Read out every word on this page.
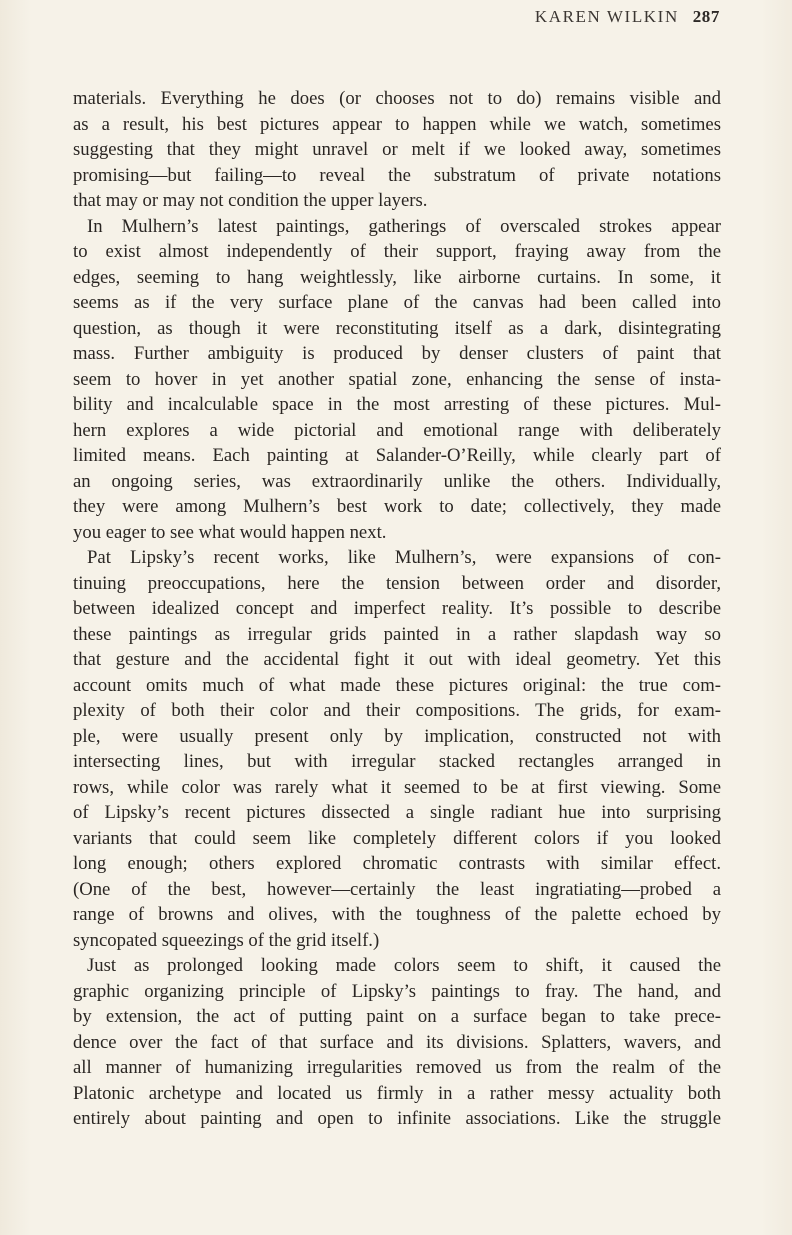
KAREN WILKIN 287
materials. Everything he does (or chooses not to do) remains visible and
as a result, his best pictures appear to happen while we watch, sometimes
suggesting that they might unravel or melt if we looked away, sometimes
promising—but failing—to reveal the substratum of private notations
that may or may not condition the upper layers.
In Mulhern’s latest paintings, gatherings of overscaled strokes appear
to exist almost independently of their support, fraying away from the
edges, seeming to hang weightlessly, like airborne curtains. In some, it
seems as if the very surface plane of the canvas had been called into
question, as though it were reconstituting itself as a dark, disintegrating
mass. Further ambiguity is produced by denser clusters of paint that
seem to hover in yet another spatial zone, enhancing the sense of insta-
bility and incalculable space in the most arresting of these pictures. Mul-
hern explores a wide pictorial and emotional range with deliberately
limited means. Each painting at Salander-O’Reilly, while clearly part of
an ongoing series, was extraordinarily unlike the others. Individually,
they were among Mulhern’s best work to date; collectively, they made
you eager to see what would happen next.
Pat Lipsky’s recent works, like Mulhern’s, were expansions of con-
tinuing preoccupations, here the tension between order and disorder,
between idealized concept and imperfect reality. It’s possible to describe
these paintings as irregular grids painted in a rather slapdash way so
that gesture and the accidental fight it out with ideal geometry. Yet this
account omits much of what made these pictures original: the true com-
plexity of both their color and their compositions. The grids, for exam-
ple, were usually present only by implication, constructed not with
intersecting lines, but with irregular stacked rectangles arranged in
rows, while color was rarely what it seemed to be at first viewing. Some
of Lipsky’s recent pictures dissected a single radiant hue into surprising
variants that could seem like completely different colors if you looked
long enough; others explored chromatic contrasts with similar effect.
(One of the best, however—certainly the least ingratiating—probed a
range of browns and olives, with the toughness of the palette echoed by
syncopated squeezings of the grid itself.)
Just as prolonged looking made colors seem to shift, it caused the
graphic organizing principle of Lipsky’s paintings to fray. The hand, and
by extension, the act of putting paint on a surface began to take prece-
dence over the fact of that surface and its divisions. Splatters, wavers, and
all manner of humanizing irregularities removed us from the realm of the
Platonic archetype and located us firmly in a rather messy actuality both
entirely about painting and open to infinite associations. Like the struggle
